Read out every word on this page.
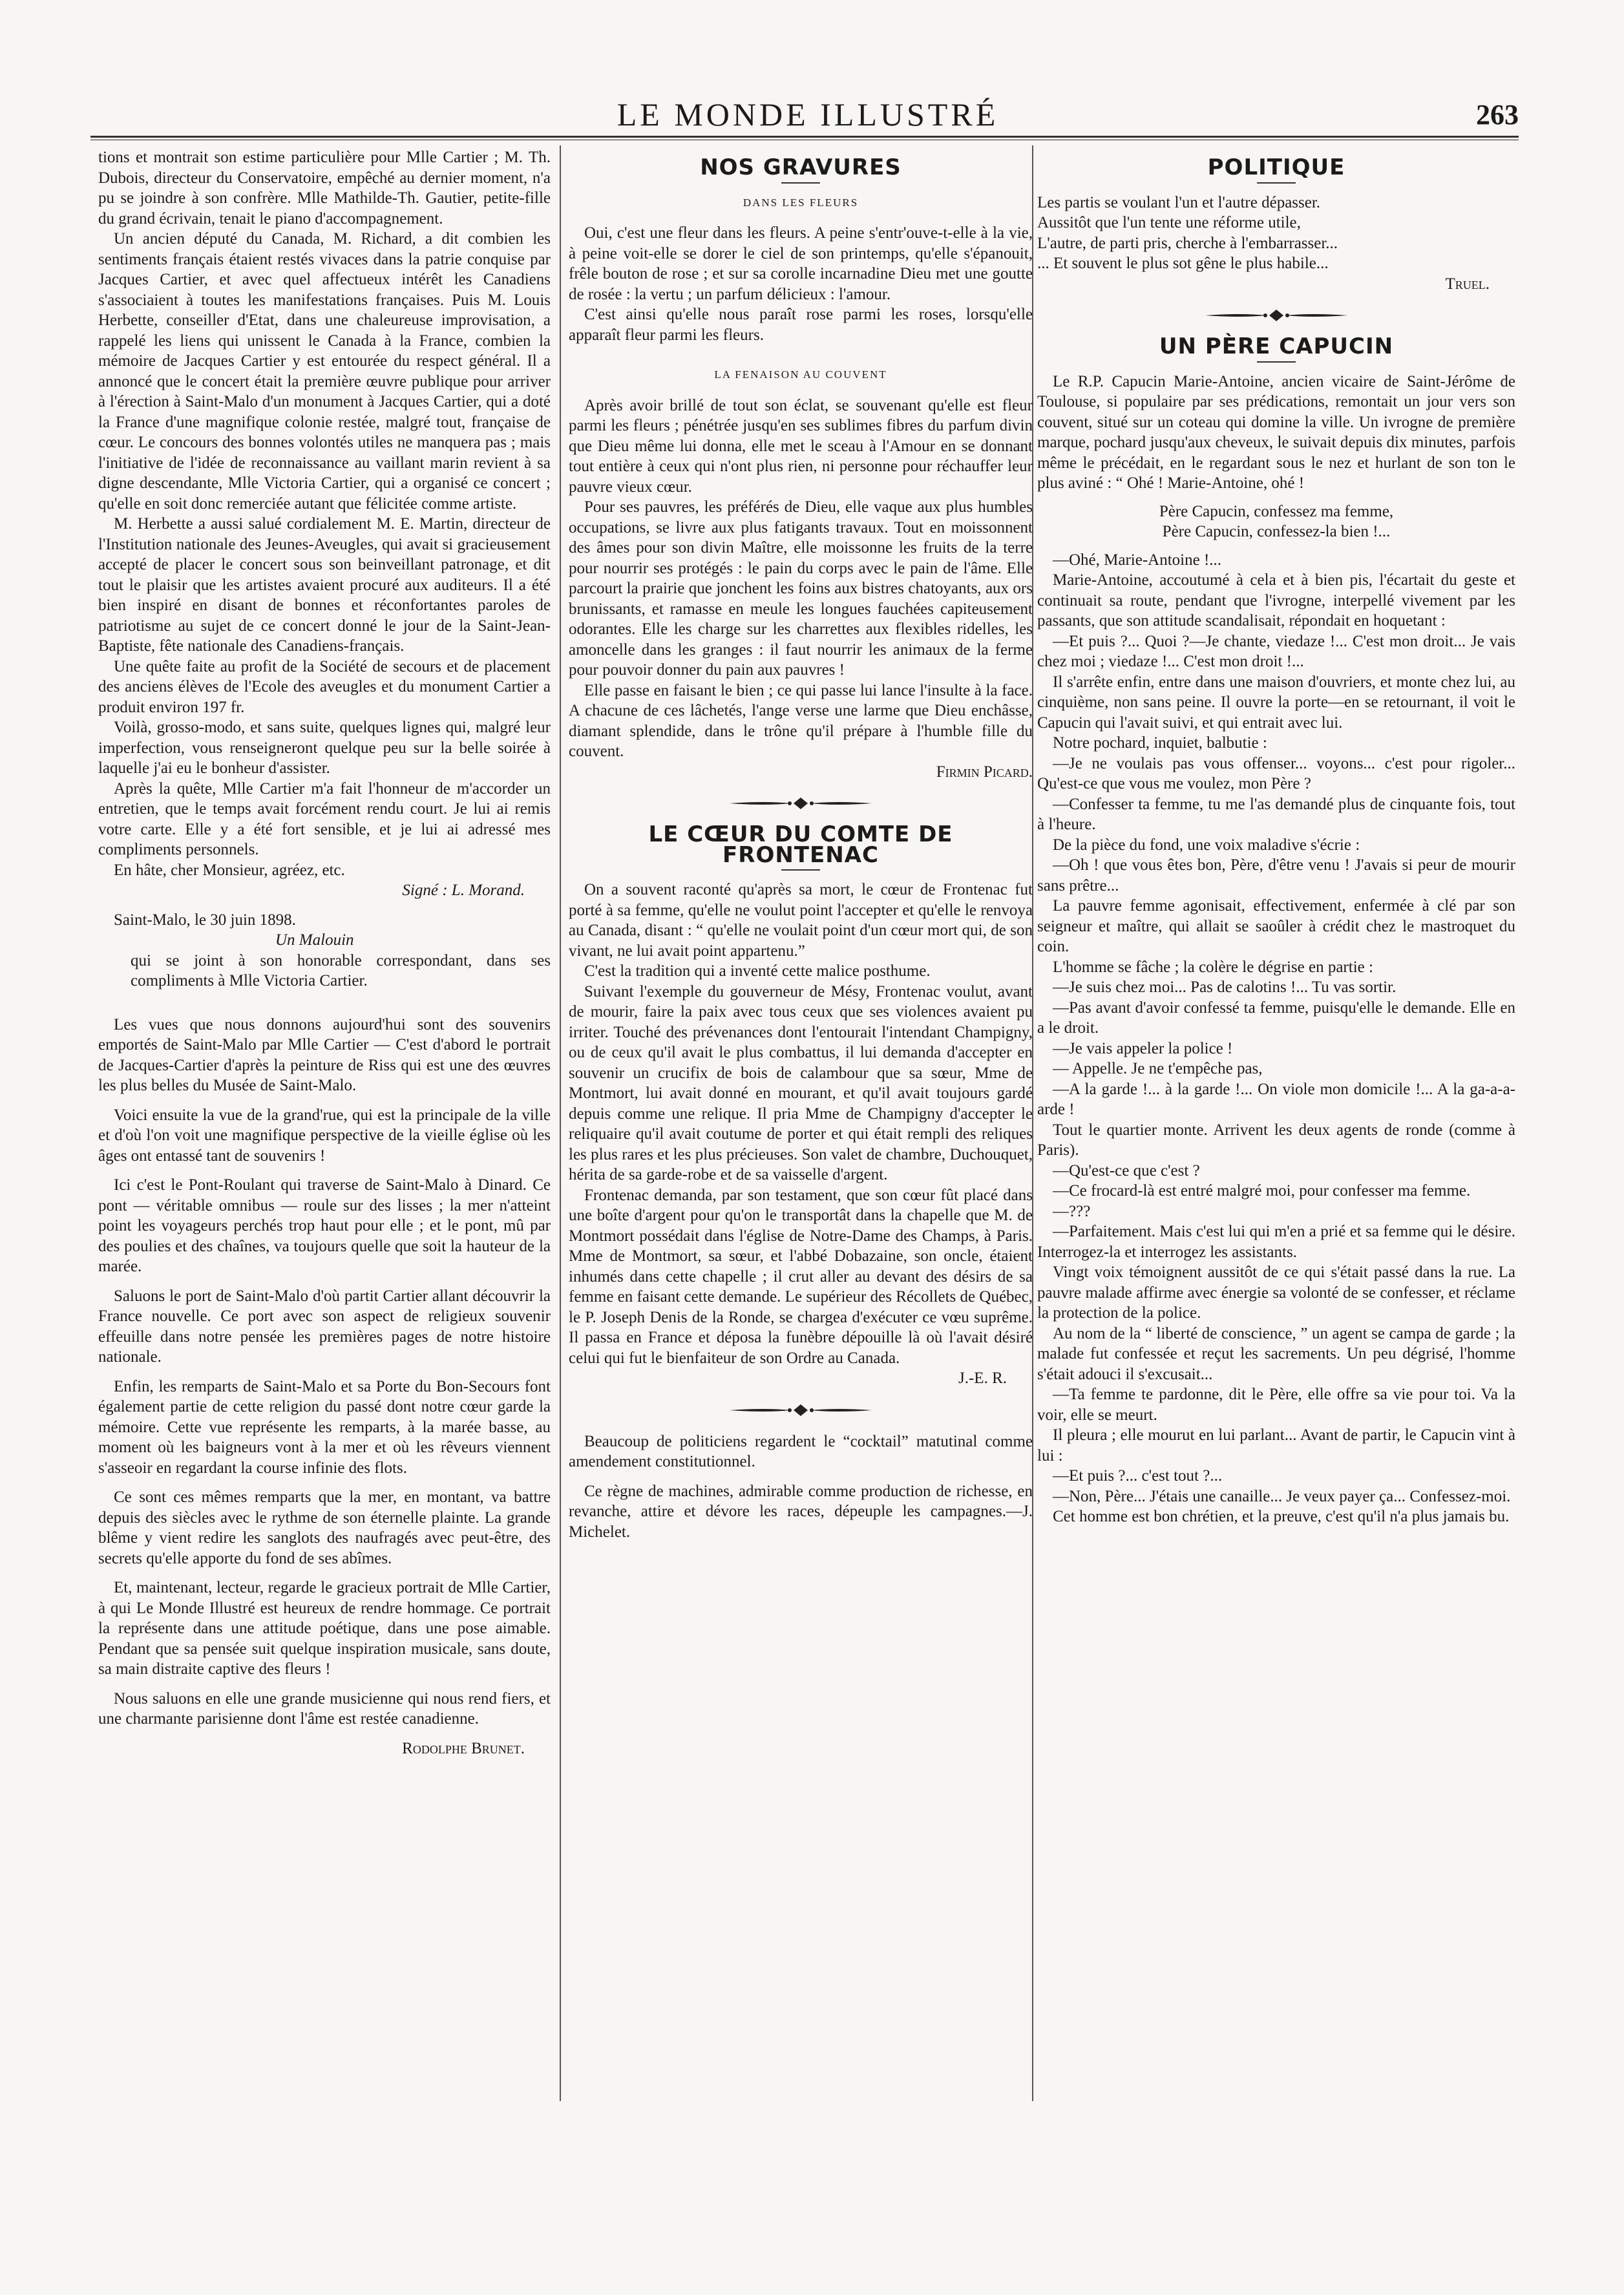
LE MONDE ILLUSTRÉ	263

tions et montrait son estime particulière pour Mlle Cartier ; M. Th. Dubois, directeur du Conservatoire, empêché au dernier moment, n'a pu se joindre à son confrère. Mlle Mathilde-Th. Gautier, petite-fille du grand écrivain, tenait le piano d'accompagnement.

Un ancien député du Canada, M. Richard, a dit combien les sentiments français étaient restés vivaces dans la patrie conquise par Jacques Cartier, et avec quel affectueux intérêt les Canadiens s'associaient à toutes les manifestations françaises. Puis M. Louis Herbette, conseiller d'Etat, dans une chaleureuse improvisation, a rappelé les liens qui unissent le Canada à la France, combien la mémoire de Jacques Cartier y est entourée du respect général. Il a annoncé que le concert était la première œuvre publique pour arriver à l'érection à Saint-Malo d'un monument à Jacques Cartier, qui a doté la France d'une magnifique colonie restée, malgré tout, française de cœur. Le concours des bonnes volontés utiles ne manquera pas ; mais l'initiative de l'idée de reconnaissance au vaillant marin revient à sa digne descendante, Mlle Victoria Cartier, qui a organisé ce concert ; qu'elle en soit donc remerciée autant que félicitée comme artiste.

M. Herbette a aussi salué cordialement M. E. Martin, directeur de l'Institution nationale des Jeunes-Aveugles, qui avait si gracieusement accepté de placer le concert sous son beinveillant patronage, et dit tout le plaisir que les artistes avaient procuré aux auditeurs. Il a été bien inspiré en disant de bonnes et réconfortantes paroles de patriotisme au sujet de ce concert donné le jour de la Saint-Jean-Baptiste, fête nationale des Canadiens-français.

Une quête faite au profit de la Société de secours et de placement des anciens élèves de l'Ecole des aveugles et du monument Cartier a produit environ 197 fr.

Voilà, grosso-modo, et sans suite, quelques lignes qui, malgré leur imperfection, vous renseigneront quelque peu sur la belle soirée à laquelle j'ai eu le bonheur d'assister.

Après la quête, Mlle Cartier m'a fait l'honneur de m'accorder un entretien, que le temps avait forcément rendu court. Je lui ai remis votre carte. Elle y a été fort sensible, et je lui ai adressé mes compliments personnels.

En hâte, cher Monsieur, agréez, etc.

Signé : L. Morand.

Saint-Malo, le 30 juin 1898.

Un Malouin

qui se joint à son honorable correspondant, dans ses compliments à Mlle Victoria Cartier.

Les vues que nous donnons aujourd'hui sont des souvenirs emportés de Saint-Malo par Mlle Cartier — C'est d'abord le portrait de Jacques-Cartier d'après la peinture de Riss qui est une des œuvres les plus belles du Musée de Saint-Malo.

Voici ensuite la vue de la grand'rue, qui est la principale de la ville et d'où l'on voit une magnifique perspective de la vieille église où les âges ont entassé tant de souvenirs !

Ici c'est le Pont-Roulant qui traverse de Saint-Malo à Dinard. Ce pont — véritable omnibus — roule sur des lisses ; la mer n'atteint point les voyageurs perchés trop haut pour elle ; et le pont, mû par des poulies et des chaînes, va toujours quelle que soit la hauteur de la marée.

Saluons le port de Saint-Malo d'où partit Cartier allant découvrir la France nouvelle. Ce port avec son aspect de religieux souvenir effeuille dans notre pensée les premières pages de notre histoire nationale.

Enfin, les remparts de Saint-Malo et sa Porte du Bon-Secours font également partie de cette religion du passé dont notre cœur garde la mémoire. Cette vue représente les remparts, à la marée basse, au moment où les baigneurs vont à la mer et où les rêveurs viennent s'asseoir en regardant la course infinie des flots.

Ce sont ces mêmes remparts que la mer, en montant, va battre depuis des siècles avec le rythme de son éternelle plainte. La grande blême y vient redire les sanglots des naufragés avec peut-être, des secrets qu'elle apporte du fond de ses abîmes.

Et, maintenant, lecteur, regarde le gracieux portrait de Mlle Cartier, à qui Le Monde Illustré est heureux de rendre hommage. Ce portrait la représente dans une attitude poétique, dans une pose aimable. Pendant que sa pensée suit quelque inspiration musicale, sans doute, sa main distraite captive des fleurs !

Nous saluons en elle une grande musicienne qui nous rend fiers, et une charmante parisienne dont l'âme est restée canadienne.

Rodolphe Brunet.

NOS GRAVURES
DANS LES FLEURS

Oui, c'est une fleur dans les fleurs. A peine s'entr'ouve-t-elle à la vie, à peine voit-elle se dorer le ciel de son printemps, qu'elle s'épanouit, frêle bouton de rose ; et sur sa corolle incarnadine Dieu met une goutte de rosée : la vertu ; un parfum délicieux : l'amour.

C'est ainsi qu'elle nous paraît rose parmi les roses, lorsqu'elle apparaît fleur parmi les fleurs.

LA FENAISON AU COUVENT

Après avoir brillé de tout son éclat, se souvenant qu'elle est fleur parmi les fleurs ; pénétrée jusqu'en ses sublimes fibres du parfum divin que Dieu même lui donna, elle met le sceau à l'Amour en se donnant tout entière à ceux qui n'ont plus rien, ni personne pour réchauffer leur pauvre vieux cœur.

Pour ses pauvres, les préférés de Dieu, elle vaque aux plus humbles occupations, se livre aux plus fatigants travaux. Tout en moissonnent des âmes pour son divin Maître, elle moissonne les fruits de la terre pour nourrir ses protégés : le pain du corps avec le pain de l'âme. Elle parcourt la prairie que jonchent les foins aux bistres chatoyants, aux ors brunissants, et ramasse en meule les longues fauchées capiteusement odorantes. Elle les charge sur les charrettes aux flexibles ridelles, les amoncelle dans les granges : il faut nourrir les animaux de la ferme pour pouvoir donner du pain aux pauvres !

Elle passe en faisant le bien ; ce qui passe lui lance l'insulte à la face. A chacune de ces lâchetés, l'ange verse une larme que Dieu enchâsse, diamant splendide, dans le trône qu'il prépare à l'humble fille du couvent.

Firmin Picard.

LE CŒUR DU COMTE DE FRONTENAC

On a souvent raconté qu'après sa mort, le cœur de Frontenac fut porté à sa femme, qu'elle ne voulut point l'accepter et qu'elle le renvoya au Canada, disant : “ qu'elle ne voulait point d'un cœur mort qui, de son vivant, ne lui avait point appartenu.”

C'est la tradition qui a inventé cette malice posthume.

Suivant l'exemple du gouverneur de Mésy, Frontenac voulut, avant de mourir, faire la paix avec tous ceux que ses violences avaient pu irriter. Touché des prévenances dont l'entourait l'intendant Champigny, ou de ceux qu'il avait le plus combattus, il lui demanda d'accepter en souvenir un crucifix de bois de calambour que sa sœur, Mme de Montmort, lui avait donné en mourant, et qu'il avait toujours gardé depuis comme une relique. Il pria Mme de Champigny d'accepter le reliquaire qu'il avait coutume de porter et qui était rempli des reliques les plus rares et les plus précieuses. Son valet de chambre, Duchouquet, hérita de sa garde-robe et de sa vaisselle d'argent.

Frontenac demanda, par son testament, que son cœur fût placé dans une boîte d'argent pour qu'on le transportât dans la chapelle que M. de Montmort possédait dans l'église de Notre-Dame des Champs, à Paris. Mme de Montmort, sa sœur, et l'abbé Dobazaine, son oncle, étaient inhumés dans cette chapelle ; il crut aller au devant des désirs de sa femme en faisant cette demande. Le supérieur des Récollets de Québec, le P. Joseph Denis de la Ronde, se chargea d'exécuter ce vœu suprême. Il passa en France et déposa la funèbre dépouille là où l'avait désiré celui qui fut le bienfaiteur de son Ordre au Canada.

J.-E. R.

Beaucoup de politiciens regardent le “cocktail” matutinal comme amendement constitutionnel.

Ce règne de machines, admirable comme production de richesse, en revanche, attire et dévore les races, dépeuple les campagnes.—J. Michelet.

POLITIQUE

Les partis se voulant l'un et l'autre dépasser.

Aussitôt que l'un tente une réforme utile,

L'autre, de parti pris, cherche à l'embarrasser...

... Et souvent le plus sot gêne le plus habile...

Truel.

UN PÈRE CAPUCIN

Le R.P. Capucin Marie-Antoine, ancien vicaire de Saint-Jérôme de Toulouse, si populaire par ses prédications, remontait un jour vers son couvent, situé sur un coteau qui domine la ville. Un ivrogne de première marque, pochard jusqu'aux cheveux, le suivait depuis dix minutes, parfois même le précédait, en le regardant sous le nez et hurlant de son ton le plus aviné : “ Ohé ! Marie-Antoine, ohé !

Père Capucin, confessez ma femme,

Père Capucin, confessez-la bien !...

—Ohé, Marie-Antoine !...

Marie-Antoine, accoutumé à cela et à bien pis, l'écartait du geste et continuait sa route, pendant que l'ivrogne, interpellé vivement par les passants, que son attitude scandalisait, répondait en hoquetant :

—Et puis ?... Quoi ?—Je chante, viedaze !... C'est mon droit... Je vais chez moi ; viedaze !... C'est mon droit !...

Il s'arrête enfin, entre dans une maison d'ouvriers, et monte chez lui, au cinquième, non sans peine. Il ouvre la porte—en se retournant, il voit le Capucin qui l'avait suivi, et qui entrait avec lui.

Notre pochard, inquiet, balbutie :

—Je ne voulais pas vous offenser... voyons... c'est pour rigoler... Qu'est-ce que vous me voulez, mon Père ?

—Confesser ta femme, tu me l'as demandé plus de cinquante fois, tout à l'heure.

De la pièce du fond, une voix maladive s'écrie :

—Oh ! que vous êtes bon, Père, d'être venu ! J'avais si peur de mourir sans prêtre...

La pauvre femme agonisait, effectivement, enfermée à clé par son seigneur et maître, qui allait se saoûler à crédit chez le mastroquet du coin.

L'homme se fâche ; la colère le dégrise en partie :

—Je suis chez moi... Pas de calotins !... Tu vas sortir.

—Pas avant d'avoir confessé ta femme, puisqu'elle le demande. Elle en a le droit.

—Je vais appeler la police !

— Appelle. Je ne t'empêche pas,

—A la garde !... à la garde !... On viole mon domicile !... A la ga-a-a-arde !

Tout le quartier monte. Arrivent les deux agents de ronde (comme à Paris).

—Qu'est-ce que c'est ?

—Ce frocard-là est entré malgré moi, pour confesser ma femme.

—???

—Parfaitement. Mais c'est lui qui m'en a prié et sa femme qui le désire. Interrogez-la et interrogez les assistants.

Vingt voix témoignent aussitôt de ce qui s'était passé dans la rue. La pauvre malade affirme avec énergie sa volonté de se confesser, et réclame la protection de la police.

Au nom de la “ liberté de conscience, ” un agent se campa de garde ; la malade fut confessée et reçut les sacrements. Un peu dégrisé, l'homme s'était adouci il s'excusait...

—Ta femme te pardonne, dit le Père, elle offre sa vie pour toi. Va la voir, elle se meurt.

Il pleura ; elle mourut en lui parlant... Avant de partir, le Capucin vint à lui :

—Et puis ?... c'est tout ?...

—Non, Père... J'étais une canaille... Je veux payer ça... Confessez-moi.

Cet homme est bon chrétien, et la preuve, c'est qu'il n'a plus jamais bu.
